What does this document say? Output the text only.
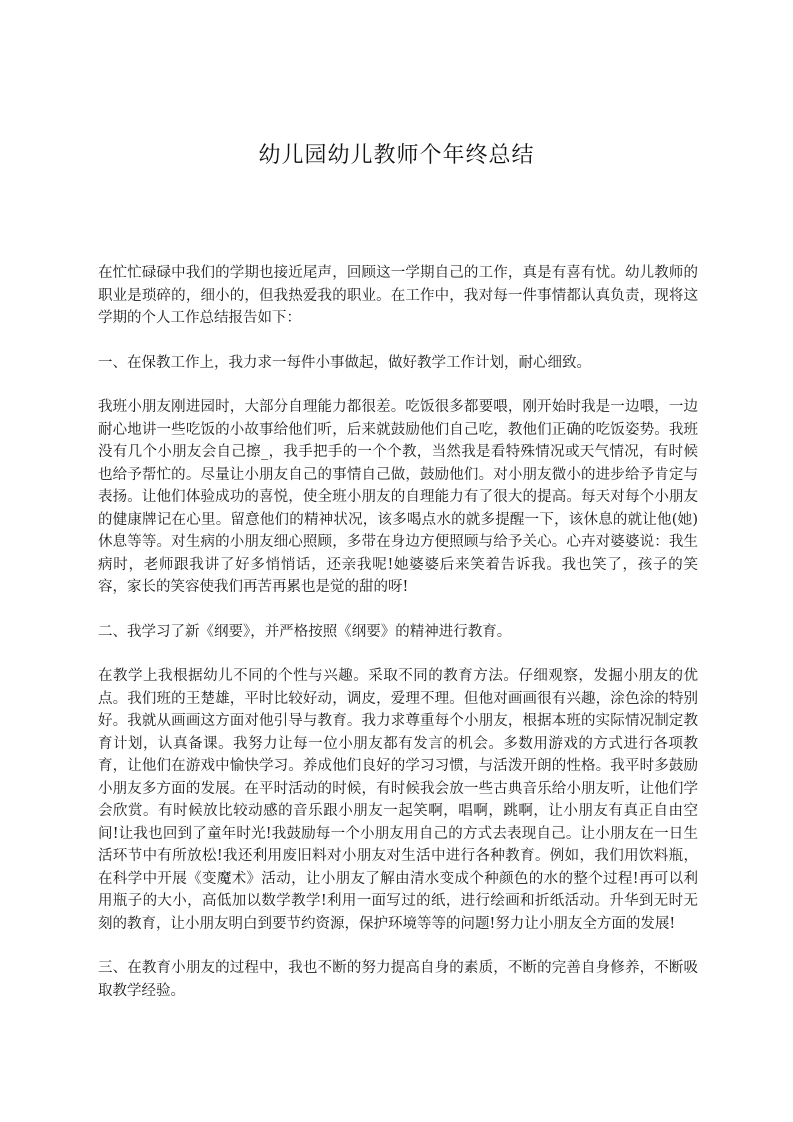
幼儿园幼儿教师个年终总结

在忙忙碌碌中我们的学期也接近尾声，回顾这一学期自己的工作，真是有喜有忧。幼儿教师的职业是琐碎的，细小的，但我热爱我的职业。在工作中，我对每一件事情都认真负责，现将这学期的个人工作总结报告如下：

一、在保教工作上，我力求一每件小事做起，做好教学工作计划，耐心细致。

我班小朋友刚进园时，大部分自理能力都很差。吃饭很多都要喂，刚开始时我是一边喂，一边耐心地讲一些吃饭的小故事给他们听，后来就鼓励他们自己吃，教他们正确的吃饭姿势。我班没有几个小朋友会自己擦_，我手把手的一个个教，当然我是看特殊情况或天气情况，有时候也给予帮忙的。尽量让小朋友自己的事情自己做，鼓励他们。对小朋友微小的进步给予肯定与表扬。让他们体验成功的喜悦，使全班小朋友的自理能力有了很大的提高。每天对每个小朋友的健康牌记在心里。留意他们的精神状况，该多喝点水的就多提醒一下，该休息的就让他(她)休息等等。对生病的小朋友细心照顾，多带在身边方便照顾与给予关心。心卉对婆婆说：我生病时，老师跟我讲了好多悄悄话，还亲我呢!她婆婆后来笑着告诉我。我也笑了，孩子的笑容，家长的笑容使我们再苦再累也是觉的甜的呀!

二、我学习了新《纲要》，并严格按照《纲要》的精神进行教育。

在教学上我根据幼儿不同的个性与兴趣。采取不同的教育方法。仔细观察，发掘小朋友的优点。我们班的王楚雄，平时比较好动，调皮，爱理不理。但他对画画很有兴趣，涂色涂的特别好。我就从画画这方面对他引导与教育。我力求尊重每个小朋友，根据本班的实际情况制定教育计划，认真备课。我努力让每一位小朋友都有发言的机会。多数用游戏的方式进行各项教育，让他们在游戏中愉快学习。养成他们良好的学习习惯，与活泼开朗的性格。我平时多鼓励小朋友多方面的发展。在平时活动的时候，有时候我会放一些古典音乐给小朋友听，让他们学会欣赏。有时候放比较动感的音乐跟小朋友一起笑啊，唱啊，跳啊，让小朋友有真正自由空间!让我也回到了童年时光!我鼓励每一个小朋友用自己的方式去表现自己。让小朋友在一日生活环节中有所放松!我还利用废旧料对小朋友对生活中进行各种教育。例如，我们用饮料瓶，在科学中开展《变魔术》活动，让小朋友了解由清水变成个种颜色的水的整个过程!再可以利用瓶子的大小，高低加以数学教学!利用一面写过的纸，进行绘画和折纸活动。升华到无时无刻的教育，让小朋友明白到要节约资源，保护环境等等的问题!努力让小朋友全方面的发展!

三、在教育小朋友的过程中，我也不断的努力提高自身的素质，不断的完善自身修养，不断吸取教学经验。
